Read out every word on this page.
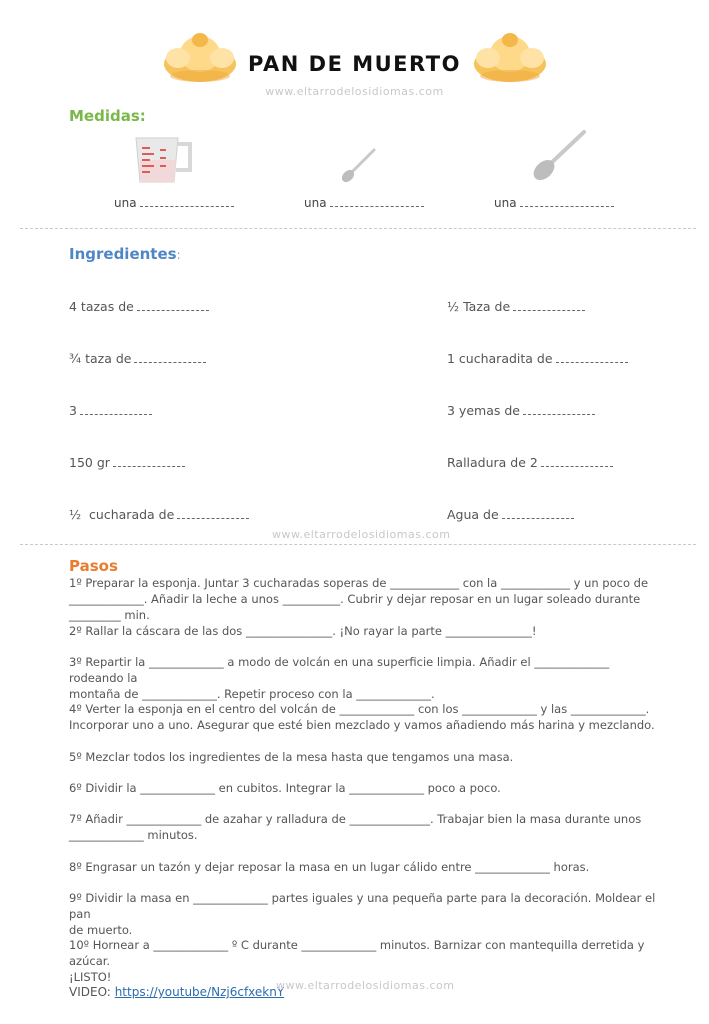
PAN DE MUERTO
www.eltarrodelosidiomas.com
Medidas:
una	una	una
Ingredientes:
4 tazas de
¾ taza de
3
150 gr
½  cucharada de
½ Taza de
1 cucharadita de
3 yemas de
Ralladura de 2
Agua de
www.eltarrodelosidiomas.com
Pasos
1º Preparar la esponja. Juntar 3 cucharadas soperas de ____________ con la ____________ y un poco de
_____________. Añadir la leche a unos __________. Cubrir y dejar reposar en un lugar soleado durante _________ min.
2º Rallar la cáscara de las dos _______________. ¡No rayar la parte _______________!
3º Repartir la _____________ a modo de volcán en una superficie limpia. Añadir el _____________ rodeando la
montaña de _____________. Repetir proceso con la _____________.
4º Verter la esponja en el centro del volcán de _____________ con los _____________ y las _____________.
Incorporar uno a uno. Asegurar que esté bien mezclado y vamos añadiendo más harina y mezclando.
5º Mezclar todos los ingredientes de la mesa hasta que tengamos una masa.
6º Dividir la _____________ en cubitos. Integrar la _____________ poco a poco.
7º Añadir _____________ de azahar y ralladura de ______________. Trabajar bien la masa durante unos
_____________ minutos.
8º Engrasar un tazón y dejar reposar la masa en un lugar cálido entre _____________ horas.
9º Dividir la masa en _____________ partes iguales y una pequeña parte para la decoración. Moldear el pan
de muerto.
10º Hornear a _____________ º C durante _____________ minutos. Barnizar con mantequilla derretida y azúcar.
¡LISTO!
VIDEO: https://youtube/Nzj6cfxeknY
www.eltarrodelosidiomas.com
